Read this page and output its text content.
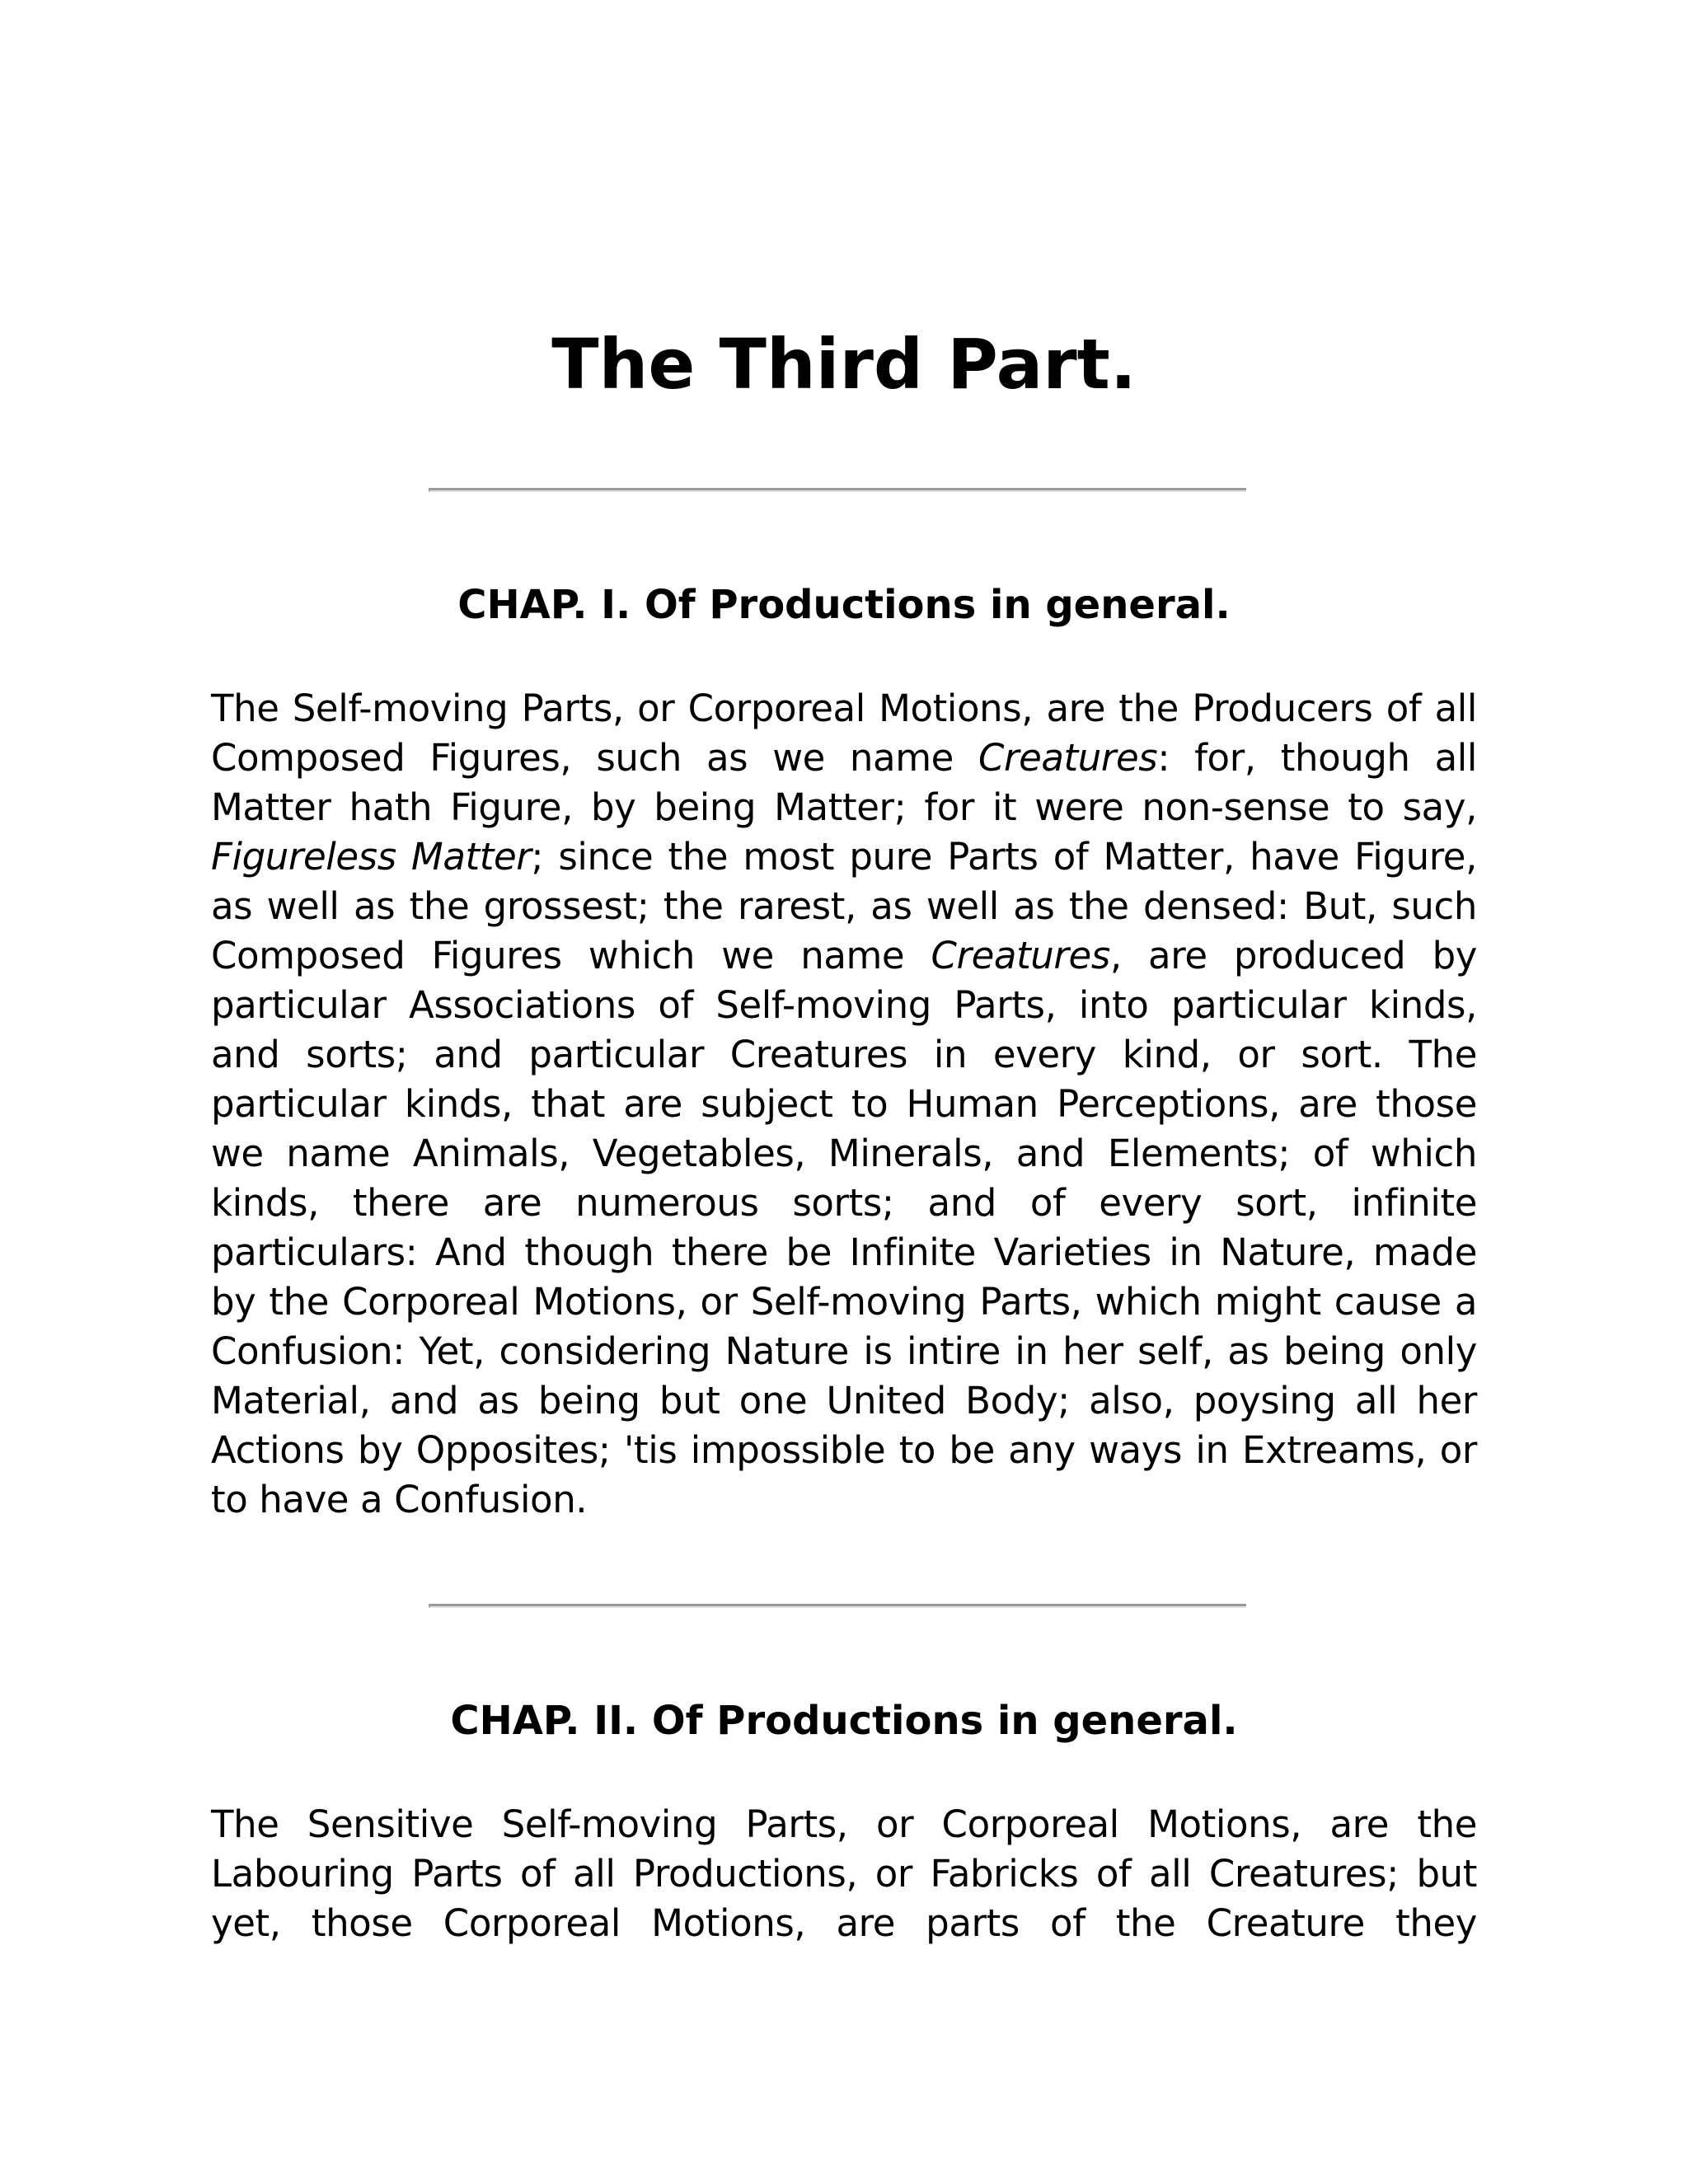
The Third Part.
CHAP. I. Of Productions in general.
The Self-moving Parts, or Corporeal Motions, are the Producers of all
Composed Figures, such as we name Creatures: for, though all
Matter hath Figure, by being Matter; for it were non-sense to say,
Figureless Matter; since the most pure Parts of Matter, have Figure,
as well as the grossest; the rarest, as well as the densed: But, such
Composed Figures which we name Creatures, are produced by
particular Associations of Self-moving Parts, into particular kinds,
and sorts; and particular Creatures in every kind, or sort. The
particular kinds, that are subject to Human Perceptions, are those
we name Animals, Vegetables, Minerals, and Elements; of which
kinds, there are numerous sorts; and of every sort, infinite
particulars: And though there be Infinite Varieties in Nature, made
by the Corporeal Motions, or Self-moving Parts, which might cause a
Confusion: Yet, considering Nature is intire in her self, as being only
Material, and as being but one United Body; also, poysing all her
Actions by Opposites; 'tis impossible to be any ways in Extreams, or
to have a Confusion.
CHAP. II. Of Productions in general.
The Sensitive Self-moving Parts, or Corporeal Motions, are the
Labouring Parts of all Productions, or Fabricks of all Creatures; but
yet, those Corporeal Motions, are parts of the Creature they
